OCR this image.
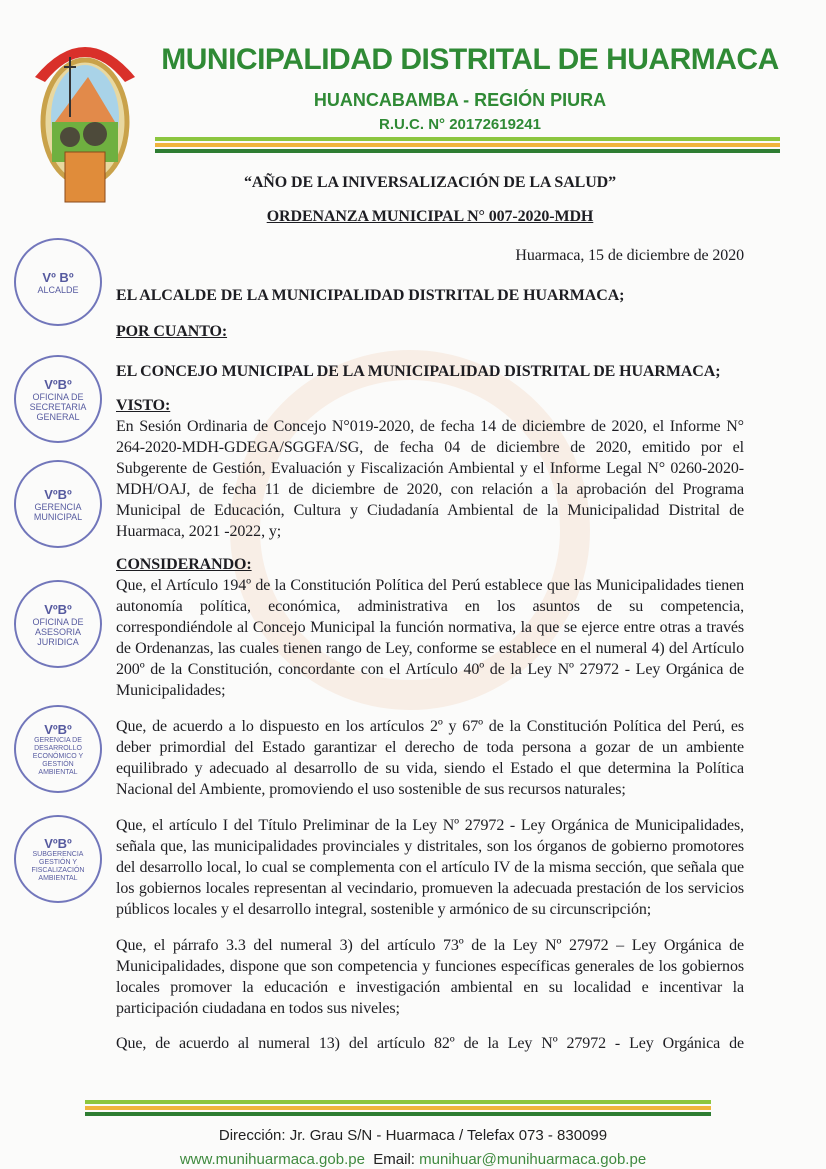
MUNICIPALIDAD DISTRITAL DE HUARMACA
HUANCABAMBA - REGIÓN PIURA
R.U.C. N° 20172619241
“AÑO DE LA INIVERSALIZACIÓN DE LA SALUD”
ORDENANZA MUNICIPAL N° 007-2020-MDH
Huarmaca, 15 de diciembre de 2020
EL ALCALDE DE LA MUNICIPALIDAD DISTRITAL DE HUARMACA;
POR CUANTO:
EL CONCEJO MUNICIPAL DE LA MUNICIPALIDAD DISTRITAL DE HUARMACA;
VISTO:
En Sesión Ordinaria de Concejo N°019-2020, de fecha 14 de diciembre de 2020, el Informe N° 264-2020-MDH-GDEGA/SGGFA/SG, de fecha 04 de diciembre de 2020, emitido por el Subgerente de Gestión, Evaluación y Fiscalización Ambiental y el Informe Legal N° 0260-2020-MDH/OAJ, de fecha 11 de diciembre de 2020, con relación a la aprobación del Programa Municipal de Educación, Cultura y Ciudadanía Ambiental de la Municipalidad Distrital de Huarmaca, 2021 -2022, y;
CONSIDERANDO:
Que, el Artículo 194º de la Constitución Política del Perú establece que las Municipalidades tienen autonomía política, económica, administrativa en los asuntos de su competencia, correspondiéndole al Concejo Municipal la función normativa, la que se ejerce entre otras a través de Ordenanzas, las cuales tienen rango de Ley, conforme se establece en el numeral 4) del Artículo 200º de la Constitución, concordante con el Artículo 40º de la Ley Nº 27972 - Ley Orgánica de Municipalidades;
Que, de acuerdo a lo dispuesto en los artículos 2º y 67º de la Constitución Política del Perú, es deber primordial del Estado garantizar el derecho de toda persona a gozar de un ambiente equilibrado y adecuado al desarrollo de su vida, siendo el Estado el que determina la Política Nacional del Ambiente, promoviendo el uso sostenible de sus recursos naturales;
Que, el artículo I del Título Preliminar de la Ley Nº 27972 - Ley Orgánica de Municipalidades, señala que, las municipalidades provinciales y distritales, son los órganos de gobierno promotores del desarrollo local, lo cual se complementa con el artículo IV de la misma sección, que señala que los gobiernos locales representan al vecindario, promueven la adecuada prestación de los servicios públicos locales y el desarrollo integral, sostenible y armónico de su circunscripción;
Que, el párrafo 3.3 del numeral 3) del artículo 73º de la Ley Nº 27972 – Ley Orgánica de Municipalidades, dispone que son competencia y funciones específicas generales de los gobiernos locales promover la educación e investigación ambiental en su localidad e incentivar la participación ciudadana en todos sus niveles;
Que, de acuerdo al numeral 13) del artículo 82º de la Ley Nº 27972 - Ley Orgánica de
Vº Bº
ALCALDE
VºBº
OFICINA DE SECRETARIA GENERAL
VºBº
GERENCIA MUNICIPAL
VºBº
OFICINA DE ASESORIA JURIDICA
VºBº
GERENCIA DE DESARROLLO ECONÓMICO Y GESTIÓN AMBIENTAL
VºBº
SUBGERENCIA GESTIÓN Y FISCALIZACIÓN AMBIENTAL
Dirección: Jr. Grau S/N - Huarmaca / Telefax 073 - 830099
www.munihuarmaca.gob.pe Email: munihuar@munihuarmaca.gob.pe
